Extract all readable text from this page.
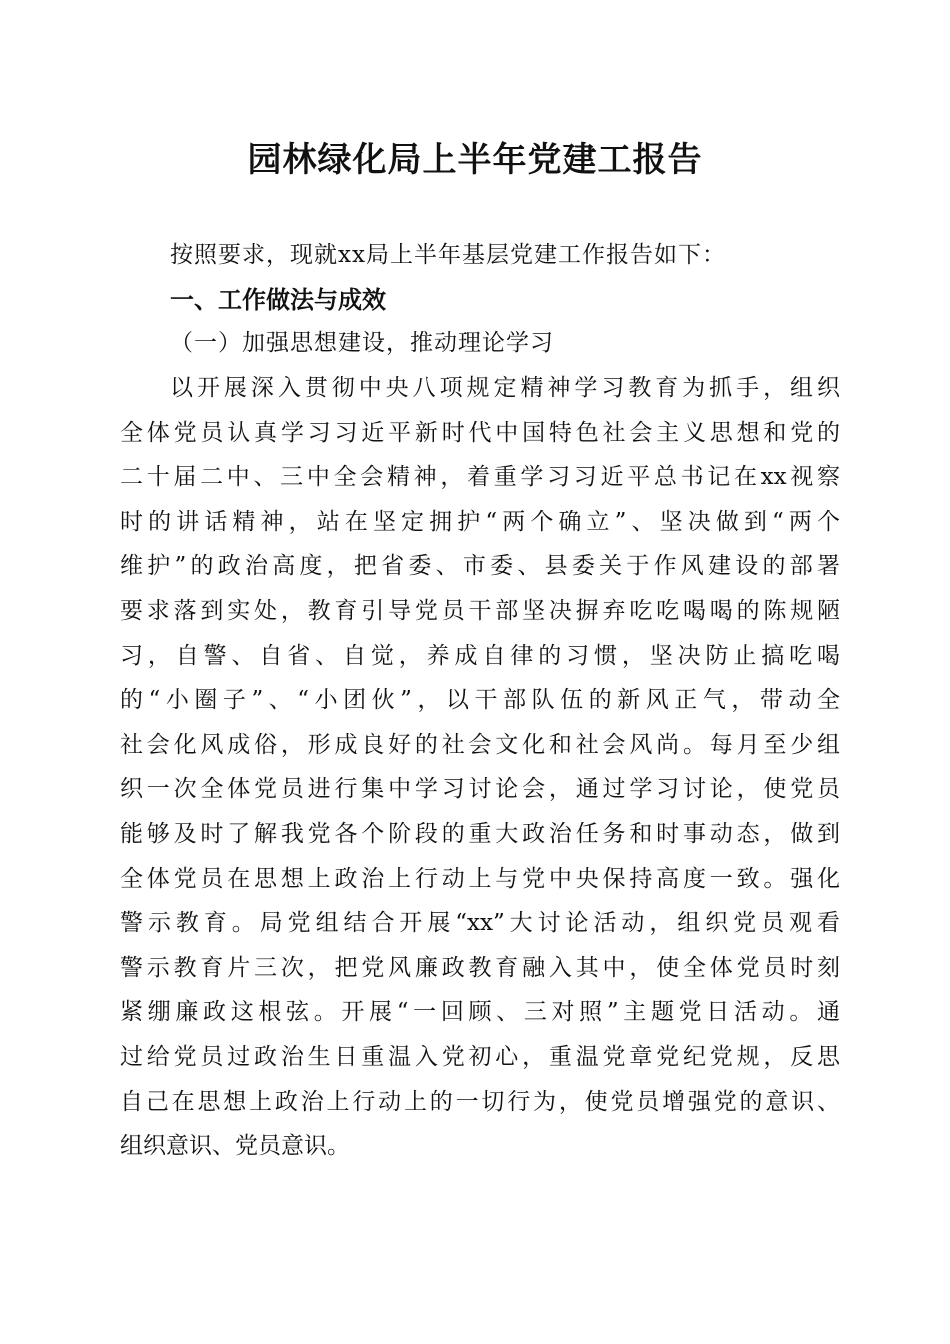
园林绿化局上半年党建工报告
按照要求，现就xx局上半年基层党建工作报告如下：
一、工作做法与成效
（一）加强思想建设，推动理论学习
以开展深入贯彻中央八项规定精神学习教育为抓手，组织
全体党员认真学习习近平新时代中国特色社会主义思想和党的
二十届二中、三中全会精神，着重学习习近平总书记在xx视察
时的讲话精神，站在坚定拥护“两个确立”、坚决做到“两个
维护”的政治高度，把省委、市委、县委关于作风建设的部署
要求落到实处，教育引导党员干部坚决摒弃吃吃喝喝的陈规陋
习，自警、自省、自觉，养成自律的习惯，坚决防止搞吃喝
的“小圈子”、“小团伙”，以干部队伍的新风正气，带动全
社会化风成俗，形成良好的社会文化和社会风尚。每月至少组
织一次全体党员进行集中学习讨论会，通过学习讨论，使党员
能够及时了解我党各个阶段的重大政治任务和时事动态，做到
全体党员在思想上政治上行动上与党中央保持高度一致。强化
警示教育。局党组结合开展“xx”大讨论活动，组织党员观看
警示教育片三次，把党风廉政教育融入其中，使全体党员时刻
紧绷廉政这根弦。开展“一回顾、三对照”主题党日活动。通
过给党员过政治生日重温入党初心，重温党章党纪党规，反思
自己在思想上政治上行动上的一切行为，使党员增强党的意识、
组织意识、党员意识。
